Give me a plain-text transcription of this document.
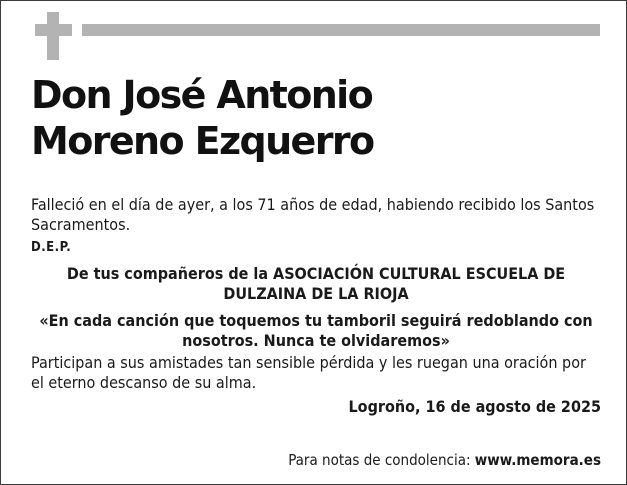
Don José Antonio
Moreno Ezquerro

Falleció en el día de ayer, a los 71 años de edad, habiendo recibido los Santos Sacramentos.

D.E.P.

De tus compañeros de la ASOCIACIÓN CULTURAL ESCUELA DE DULZAINA DE LA RIOJA

«En cada canción que toquemos tu tamboril seguirá redoblando con nosotros. Nunca te olvidaremos»

Participan a sus amistades tan sensible pérdida y les ruegan una oración por el eterno descanso de su alma.

Logroño, 16 de agosto de 2025

Para notas de condolencia: www.memora.es
